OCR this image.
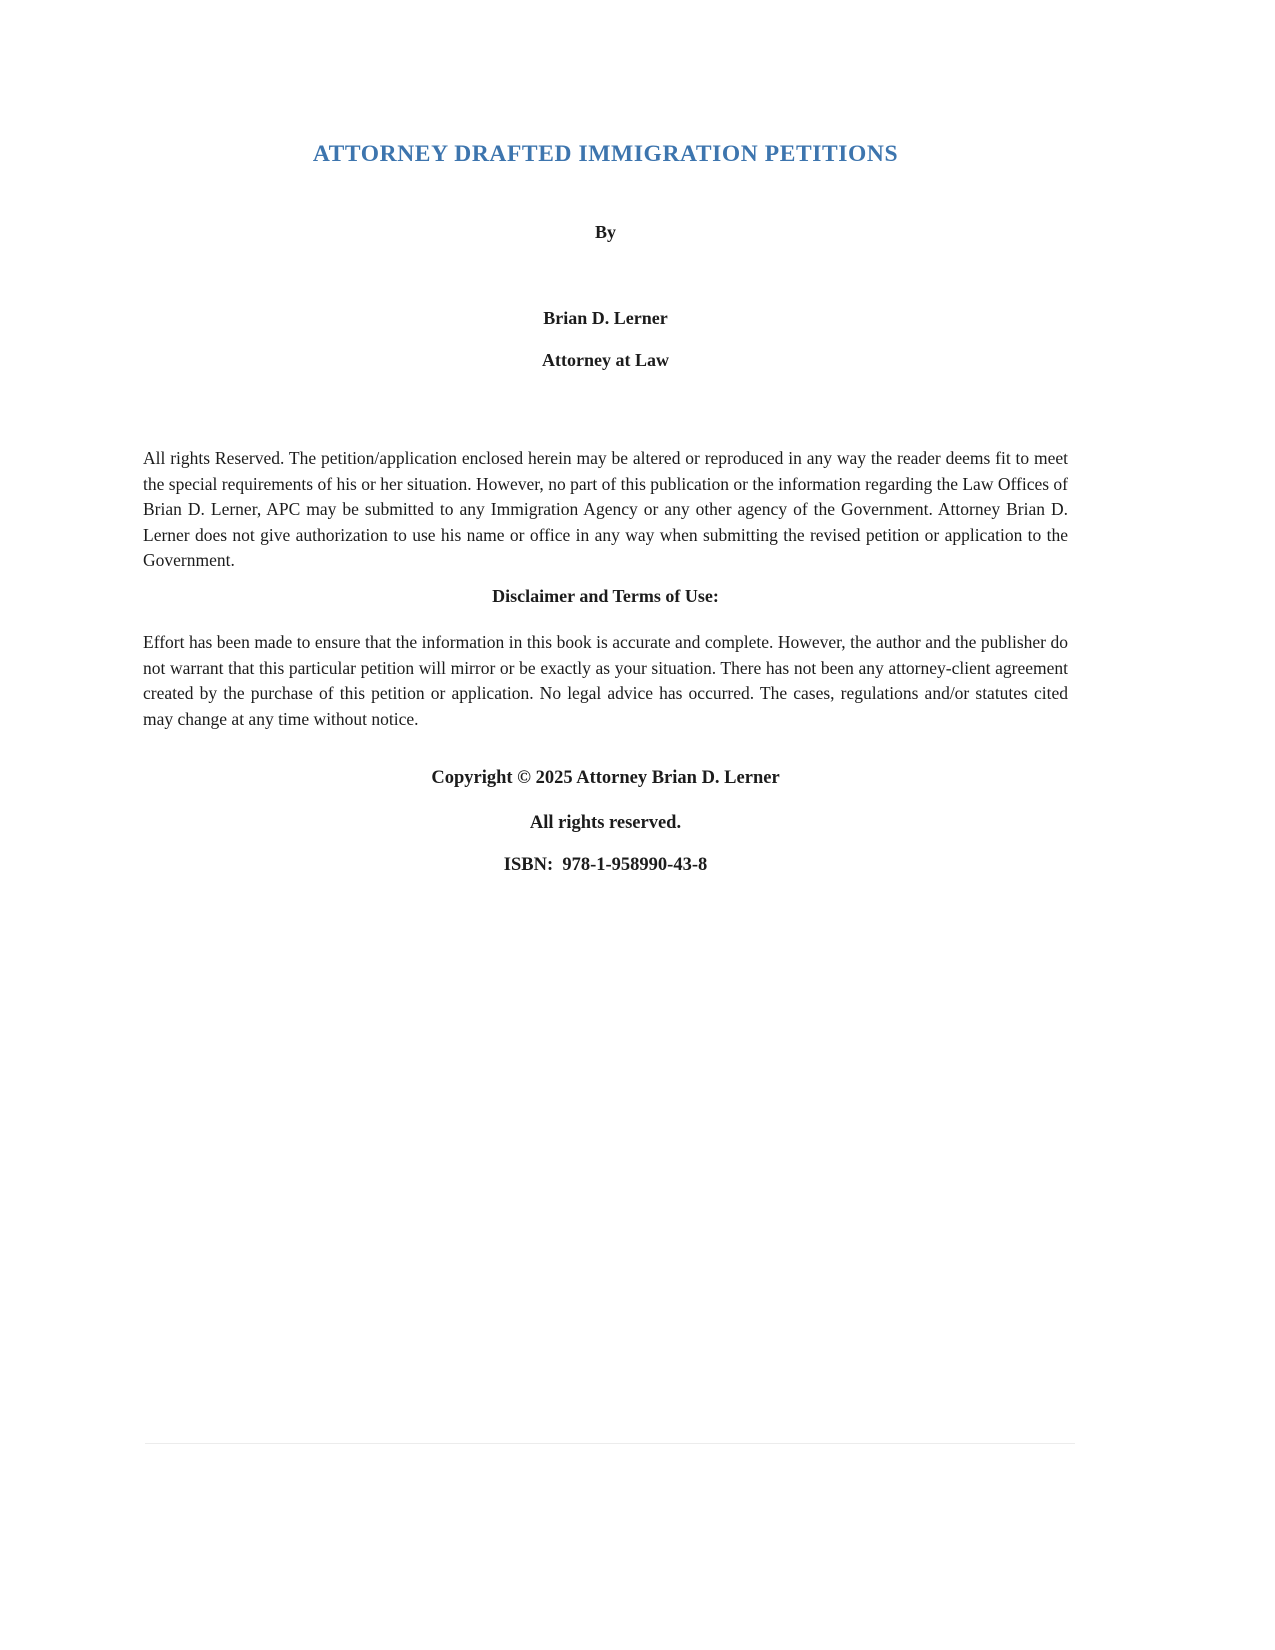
ATTORNEY DRAFTED IMMIGRATION PETITIONS
By
Brian D. Lerner
Attorney at Law
All rights Reserved. The petition/application enclosed herein may be altered or reproduced in any way the reader deems fit to meet the special requirements of his or her situation. However, no part of this publication or the information regarding the Law Offices of Brian D. Lerner, APC may be submitted to any Immigration Agency or any other agency of the Government. Attorney Brian D. Lerner does not give authorization to use his name or office in any way when submitting the revised petition or application to the Government.
Disclaimer and Terms of Use:
Effort has been made to ensure that the information in this book is accurate and complete. However, the author and the publisher do not warrant that this particular petition will mirror or be exactly as your situation. There has not been any attorney-client agreement created by the purchase of this petition or application. No legal advice has occurred. The cases, regulations and/or statutes cited may change at any time without notice.
Copyright © 2025 Attorney Brian D. Lerner
All rights reserved.
ISBN:  978-1-958990-43-8
